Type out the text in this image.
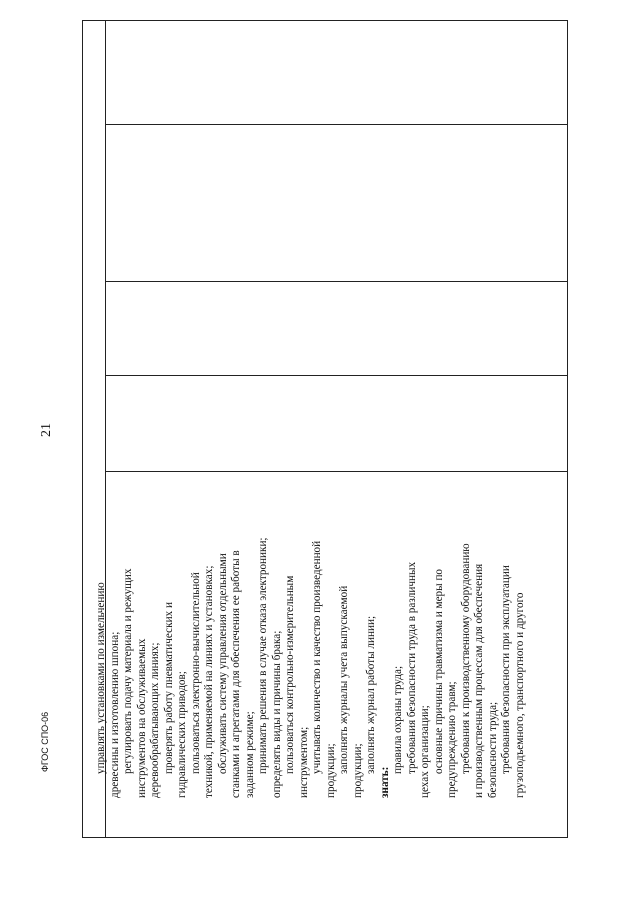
21
ФГОС СПО-06	управлять установками по измельчению древесины и изготовлению шпона; регулировать подачу материала и режущих инструментов на обслуживаемых деревообрабатывающих линиях; проверять работу пневматических и гидравлических приводов; пользоваться электронно-вычислительной техникой, применяемой на линиях и установках; обслуживать систему управления отдельными станками и агрегатами для обеспечения ее работы в заданном режиме; принимать решения в случае отказа электроники; определять виды и причины брака; пользоваться контрольно-измерительным инструментом; учитывать количество и качество произведенной продукции; заполнять журналы учета выпускаемой продукции; заполнять журнал работы линии;
знать:
правила охраны труда; требования безопасности труда в различных цехах организации; основные причины травматизма и меры по предупреждению травм; требования к производственному оборудованию и производственным процессам для обеспечения безопасности труда; требования безопасности при эксплуатации грузоподъемного, транспортного и другого
